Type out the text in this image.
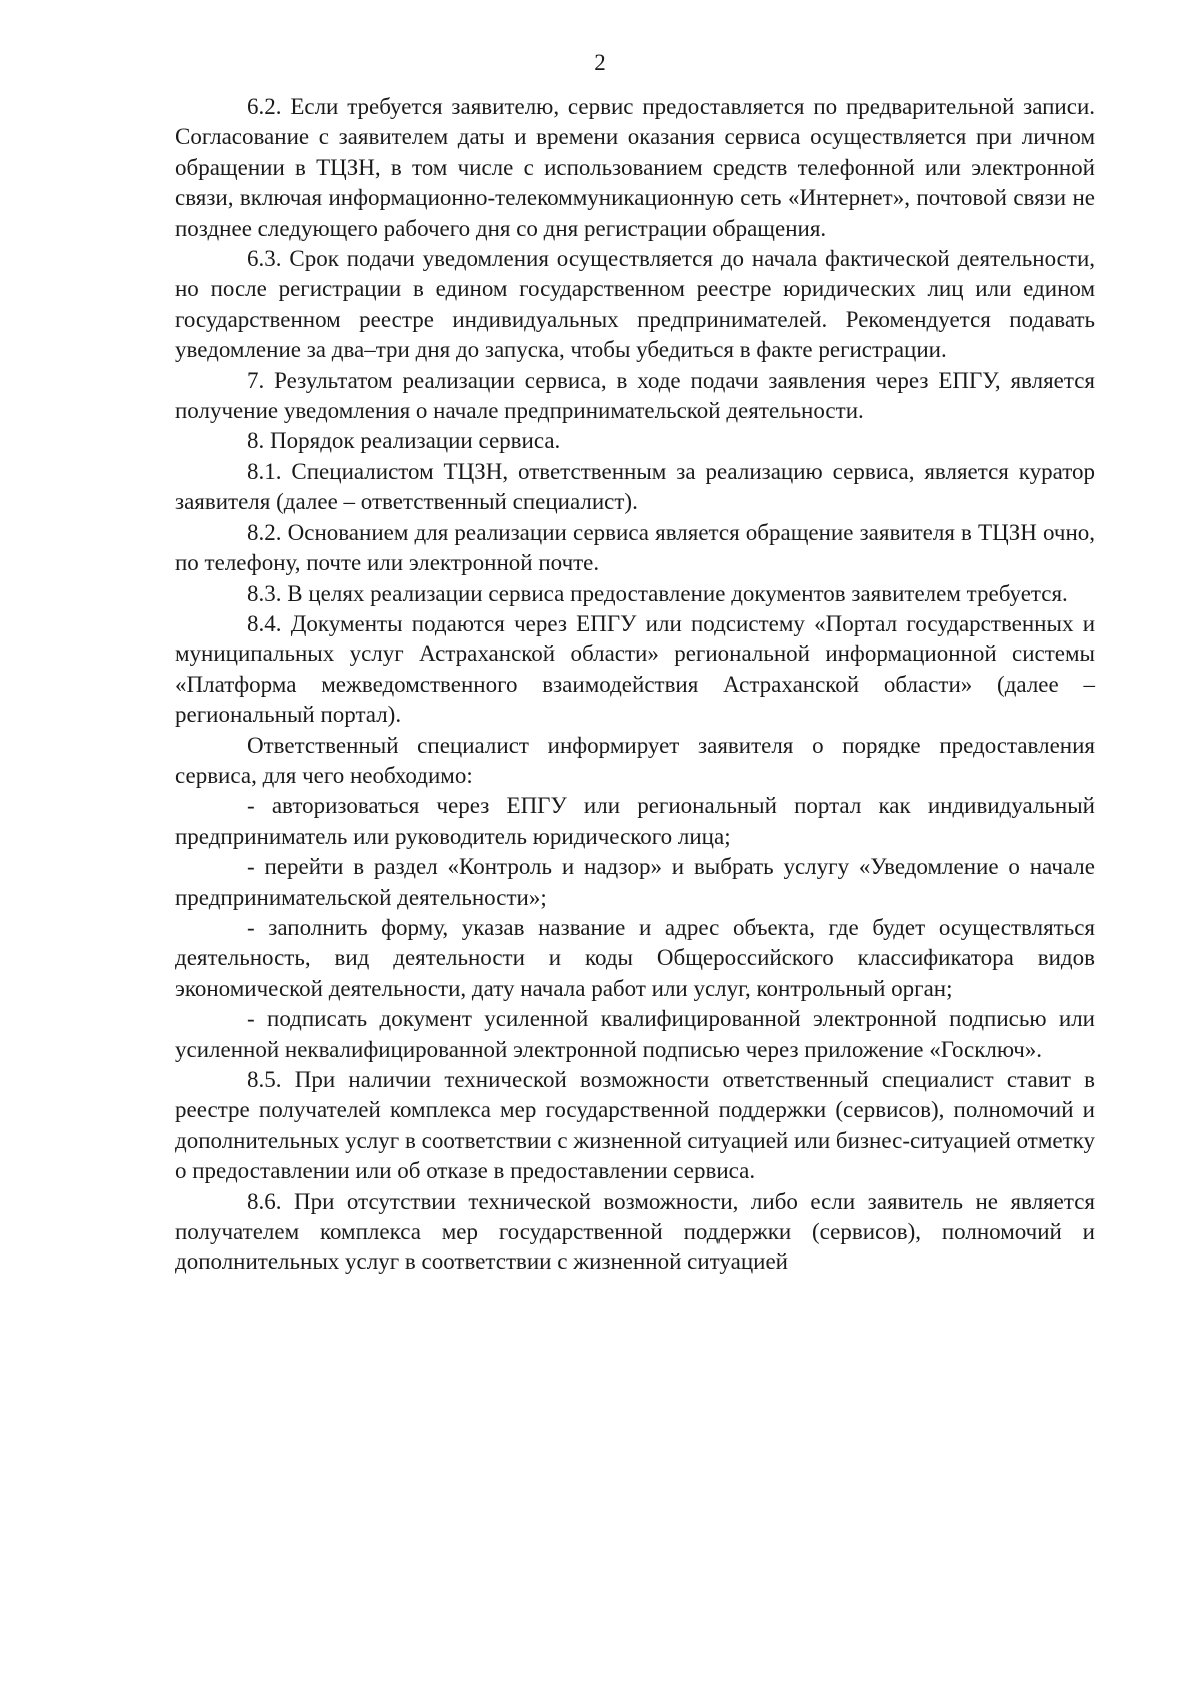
2

6.2. Если требуется заявителю, сервис предоставляется по предварительной записи. Согласование с заявителем даты и времени оказания сервиса осуществляется при личном обращении в ТЦЗН, в том числе с использованием средств телефонной или электронной связи, включая информационно-телекоммуникационную сеть «Интернет», почтовой связи не позднее следующего рабочего дня со дня регистрации обращения.

6.3. Срок подачи уведомления осуществляется до начала фактической деятельности, но после регистрации в едином государственном реестре юридических лиц или едином государственном реестре индивидуальных предпринимателей. Рекомендуется подавать уведомление за два–три дня до запуска, чтобы убедиться в факте регистрации.

7. Результатом реализации сервиса, в ходе подачи заявления через ЕПГУ, является получение уведомления о начале предпринимательской деятельности.

8. Порядок реализации сервиса.

8.1. Специалистом ТЦЗН, ответственным за реализацию сервиса, является куратор заявителя (далее – ответственный специалист).

8.2. Основанием для реализации сервиса является обращение заявителя в ТЦЗН очно, по телефону, почте или электронной почте.

8.3. В целях реализации сервиса предоставление документов заявителем требуется.

8.4. Документы подаются через ЕПГУ или подсистему «Портал государственных и муниципальных услуг Астраханской области» региональной информационной системы «Платформа межведомственного взаимодействия Астраханской области» (далее – региональный портал).

Ответственный специалист информирует заявителя о порядке предоставления сервиса, для чего необходимо:

- авторизоваться через ЕПГУ или региональный портал как индивидуальный предприниматель или руководитель юридического лица;

- перейти в раздел «Контроль и надзор» и выбрать услугу «Уведомление о начале предпринимательской деятельности»;

- заполнить форму, указав название и адрес объекта, где будет осуществляться деятельность, вид деятельности и коды Общероссийского классификатора видов экономической деятельности, дату начала работ или услуг, контрольный орган;

- подписать документ усиленной квалифицированной электронной подписью или усиленной неквалифицированной электронной подписью через приложение «Госключ».

8.5. При наличии технической возможности ответственный специалист ставит в реестре получателей комплекса мер государственной поддержки (сервисов), полномочий и дополнительных услуг в соответствии с жизненной ситуацией или бизнес-ситуацией отметку о предоставлении или об отказе в предоставлении сервиса.

8.6. При отсутствии технической возможности, либо если заявитель не является получателем комплекса мер государственной поддержки (сервисов), полномочий и дополнительных услуг в соответствии с жизненной ситуацией
